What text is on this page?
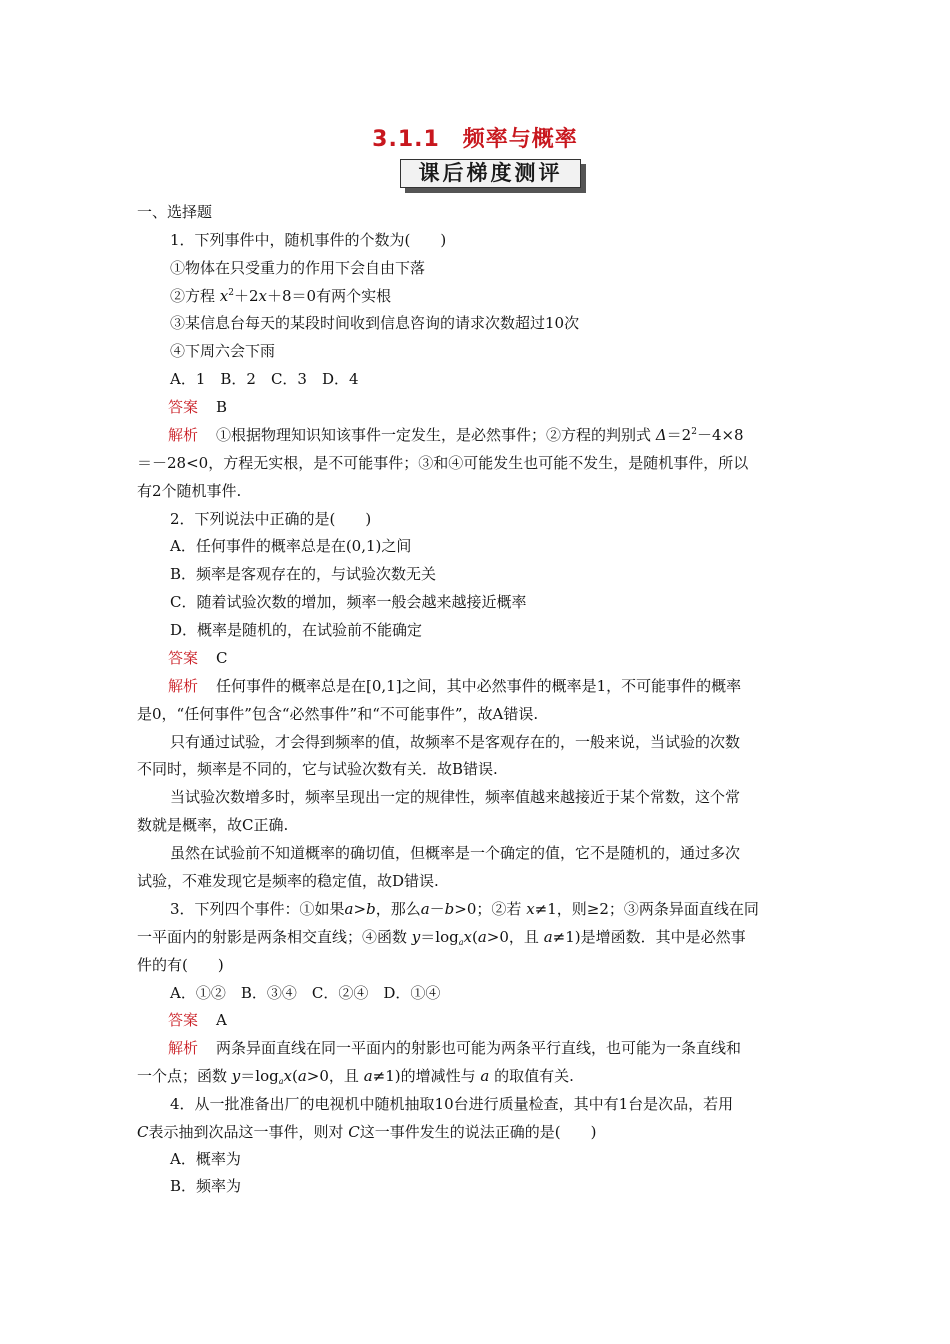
3.1.1　频率与概率
课后梯度测评
一、选择题
1．下列事件中，随机事件的个数为(　　)
①物体在只受重力的作用下会自由下落
②方程 $x^2+2x+8=0$有两个实根
③某信息台每天的某段时间收到信息咨询的请求次数超过10次
④下周六会下雨
A．1　B．2　C．3　D．4
答案 B
解析 ①根据物理知识知该事件一定发生，是必然事件；②方程的判别式 $\Delta=2^2-4\times 8$
＝－28<0，方程无实根，是不可能事件；③和④可能发生也可能不发生，是随机事件，所以
有2个随机事件.
2．下列说法中正确的是(　　)
A．任何事件的概率总是在(0,1)之间
B．频率是客观存在的，与试验次数无关
C．随着试验次数的增加，频率一般会越来越接近概率
D．概率是随机的，在试验前不能确定
答案 C
解析 任何事件的概率总是在[0,1]之间，其中必然事件的概率是1，不可能事件的概率
是0，“任何事件”包含“必然事件”和“不可能事件”，故A错误.
只有通过试验，才会得到频率的值，故频率不是客观存在的，一般来说，当试验的次数
不同时，频率是不同的，它与试验次数有关．故B错误.
当试验次数增多时，频率呈现出一定的规律性，频率值越来越接近于某个常数，这个常
数就是概率，故C正确.
虽然在试验前不知道概率的确切值，但概率是一个确定的值，它不是随机的，通过多次
试验，不难发现它是频率的稳定值，故D错误.
3．下列四个事件：①如果a>b，那么a－b>0；②若 x≠1，则≥2；③两条异面直线在同
一平面内的射影是两条相交直线；④函数 $y=\log_ax(a>0$，且 a≠1)是增函数．其中是必然事
件的有(　　)
A．①②　B．③④　C．②④　D．①④
答案 A
解析 两条异面直线在同一平面内的射影也可能为两条平行直线，也可能为一条直线和
一个点；函数 $y=\log_ax(a>0$，且 a≠1)的增减性与 a 的取值有关.
4．从一批准备出厂的电视机中随机抽取10台进行质量检查，其中有1台是次品，若用
C表示抽到次品这一事件，则对 C这一事件发生的说法正确的是(　　)
A．概率为
B．频率为
